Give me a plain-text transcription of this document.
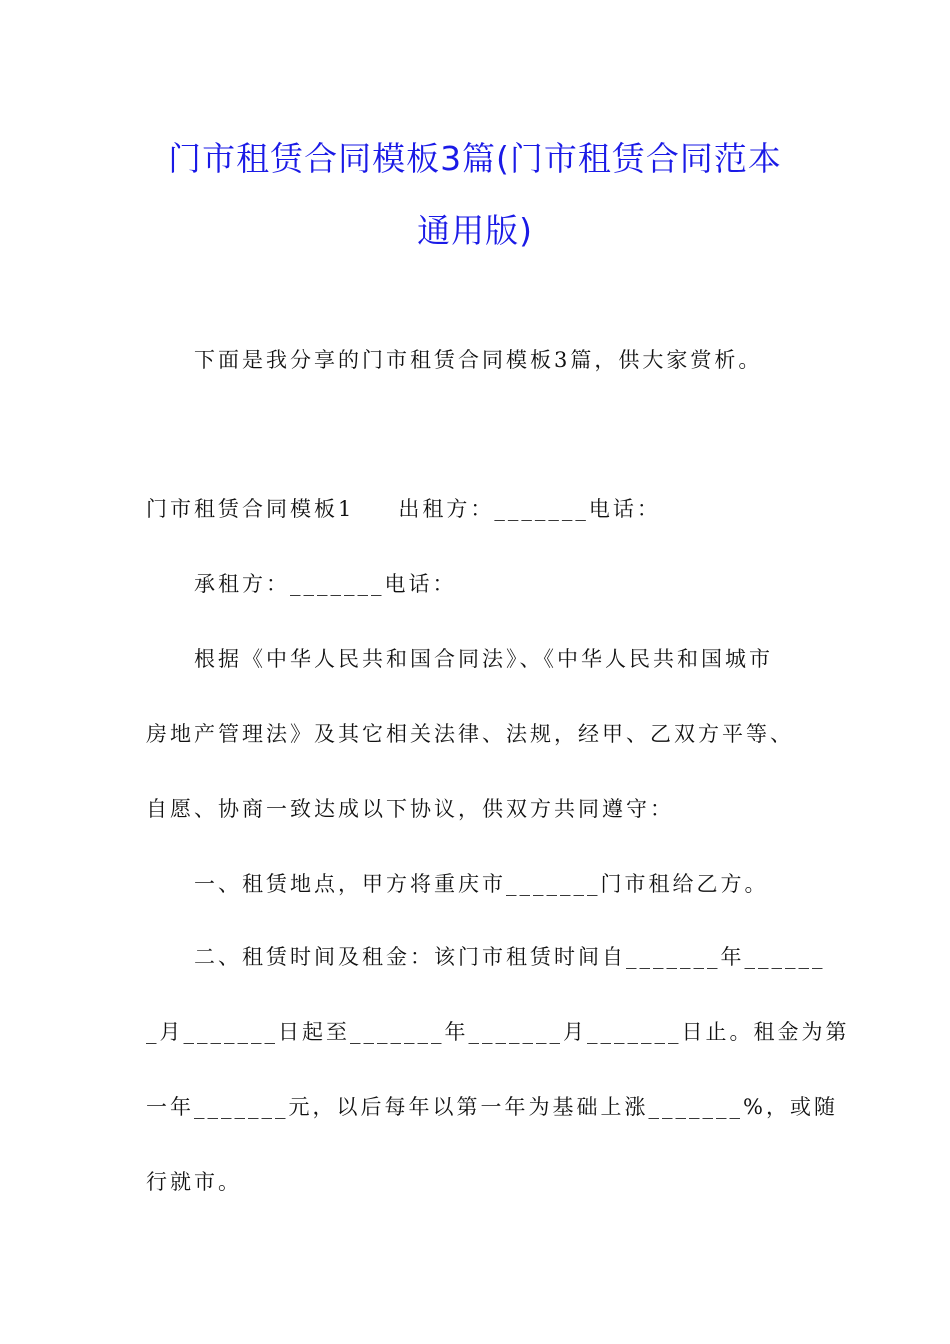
门市租赁合同模板3篇(门市租赁合同范本
通用版)
下面是我分享的门市租赁合同模板3篇，供大家赏析。
门市租赁合同模板1 出租方：_______电话：
承租方：_______电话：
根据《中华人民共和国合同法》、《中华人民共和国城市
房地产管理法》及其它相关法律、法规，经甲、乙双方平等、
自愿、协商一致达成以下协议，供双方共同遵守：
一、租赁地点，甲方将重庆市_______门市租给乙方。
二、租赁时间及租金：该门市租赁时间自_______年______
_月_______日起至_______年_______月_______日止。租金为第
一年_______元，以后每年以第一年为基础上涨_______%，或随
行就市。
